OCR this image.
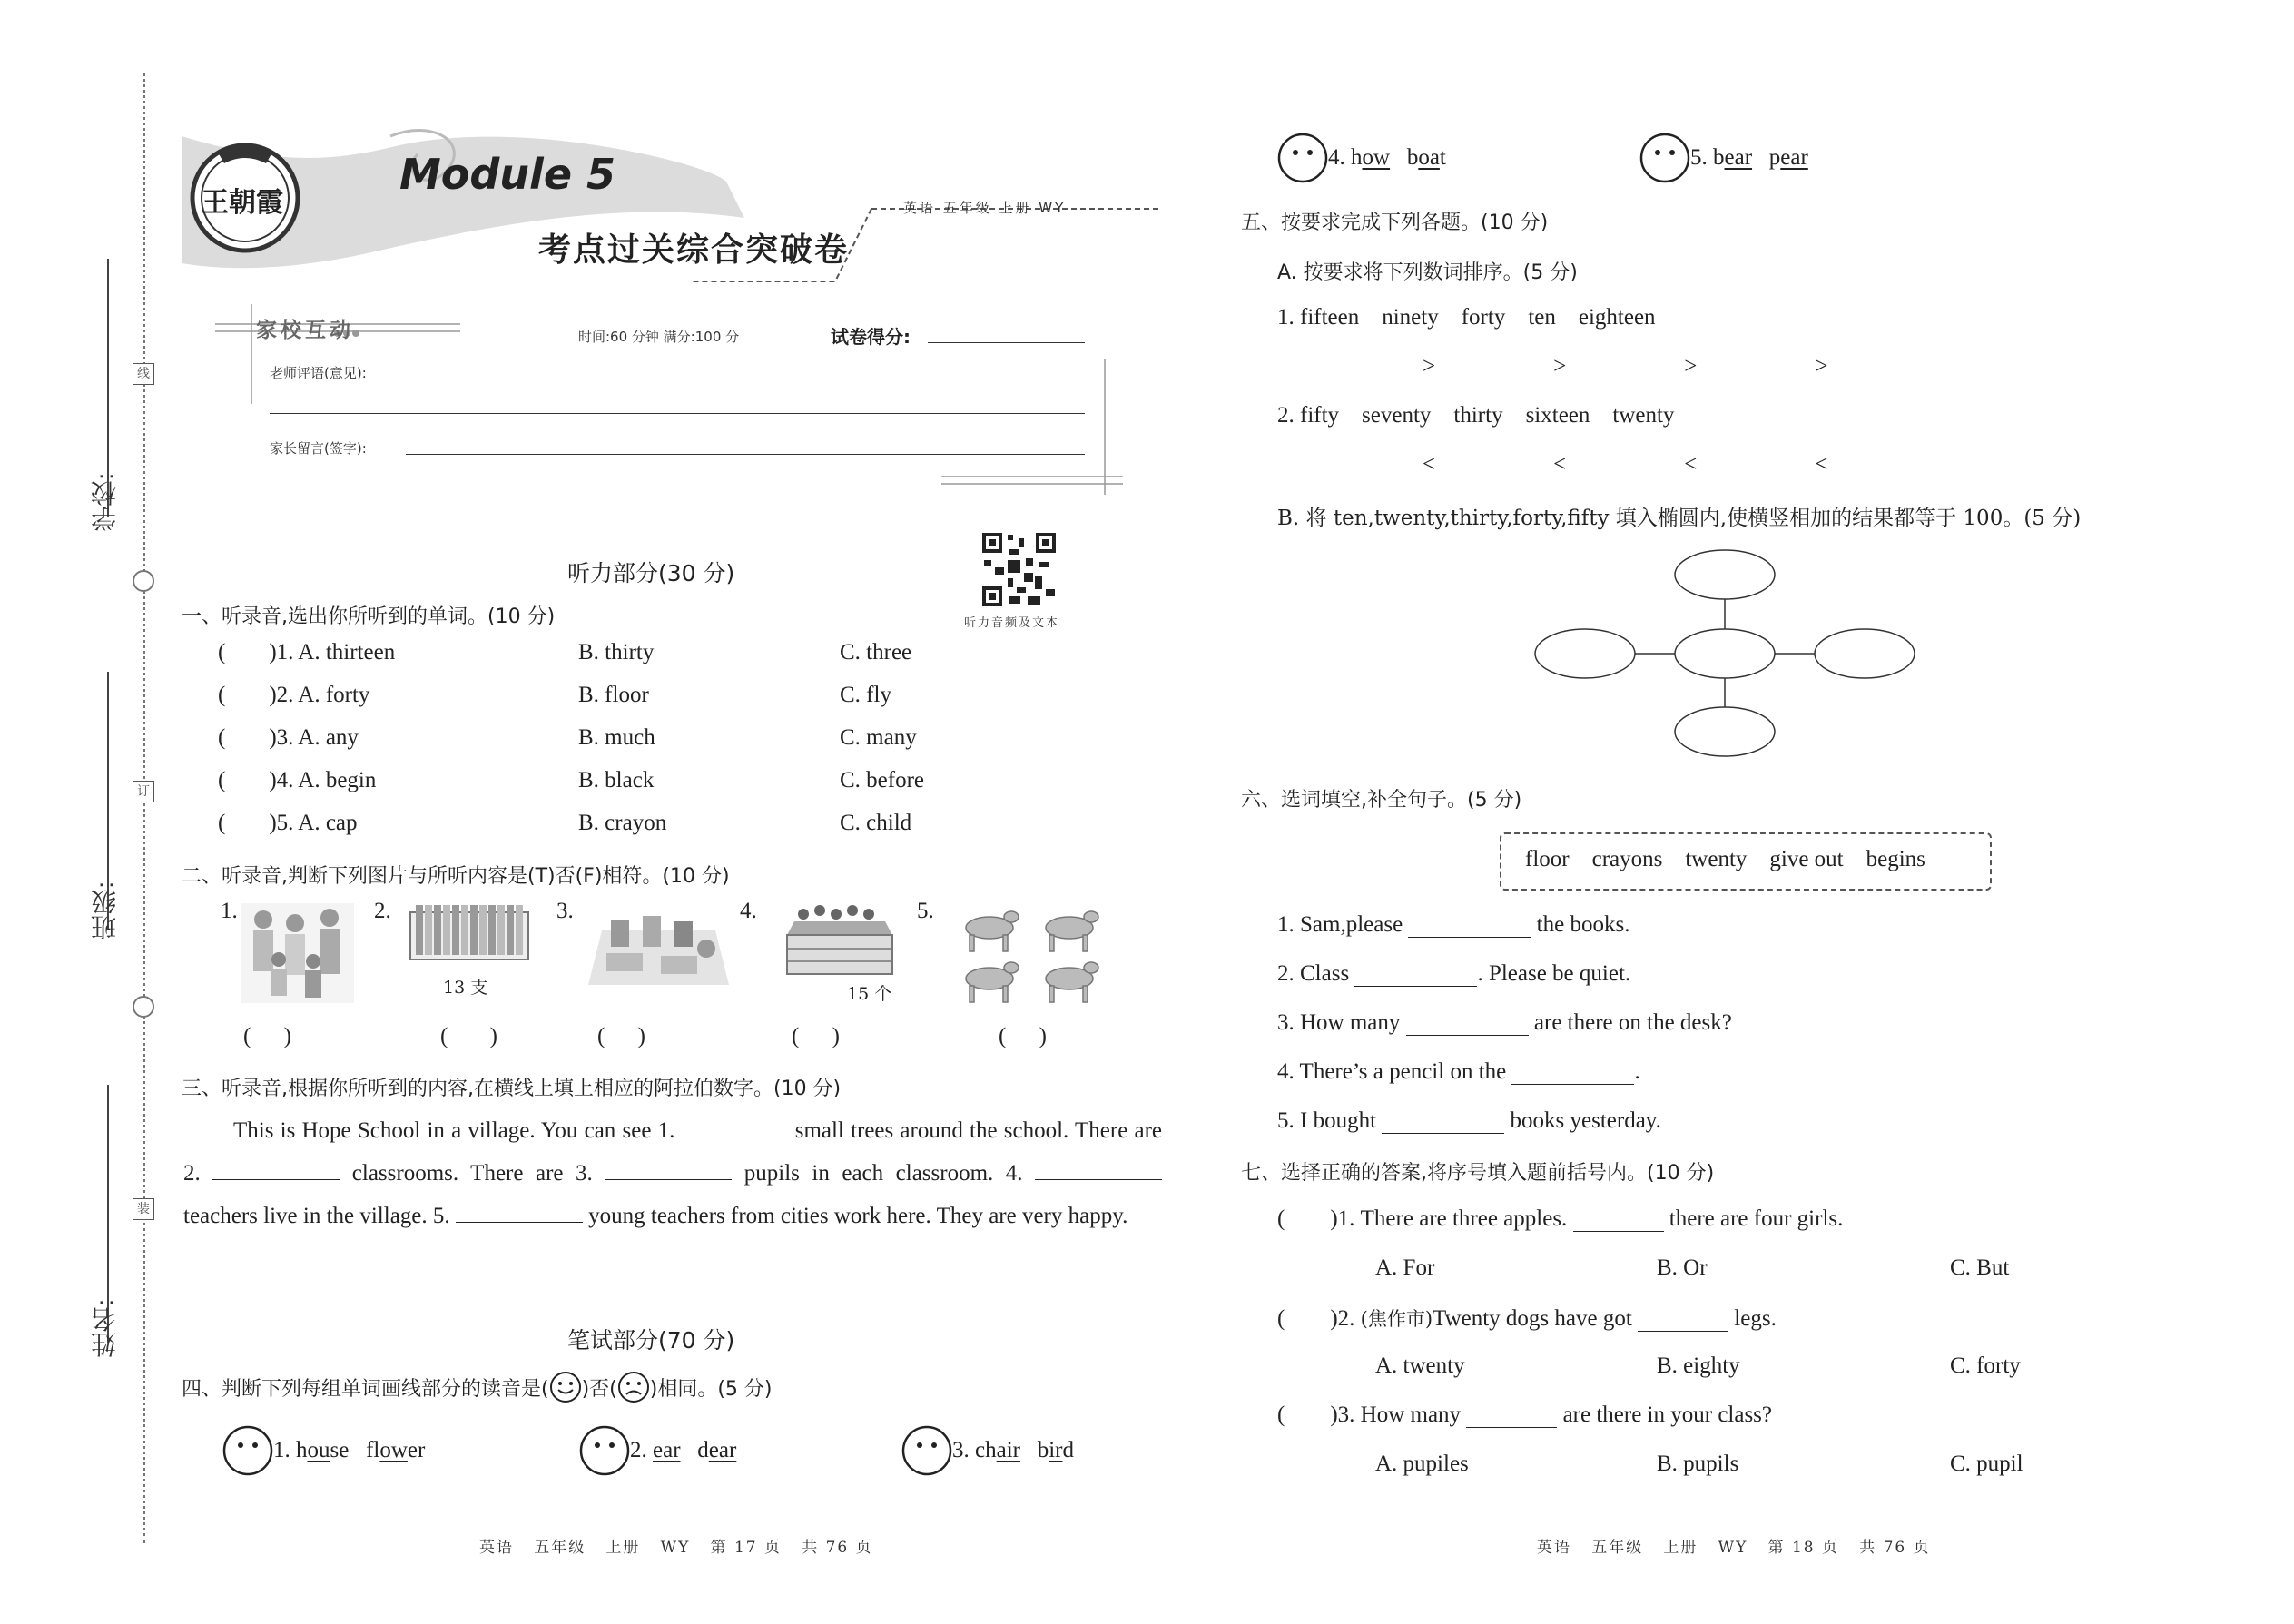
学校:
班级:
姓名:
线
订
装
王朝霞
Module 5
考点过关综合突破卷
英语 五年级 上册 WY
家校互动	时间:60 分钟 满分:100 分	试卷得分:
老师评语(意见):
家长留言(签字):
听力音频及文本
听力部分(30 分)
一、听录音,选出你所听到的单词。(10 分)
( )1. A. thirteen	B. thirty	C. three
( )2. A. forty	B. floor	C. fly
( )3. A. any	B. much	C. many
( )4. A. begin	B. black	C. before
( )5. A. cap	B. crayon	C. child
二、听录音,判断下列图片与所听内容是(T)否(F)相符。(10 分)
1.	2.
13 支
3.	4.
15 个
5.
( )	( )	( )	( )	( )
三、听录音,根据你所听到的内容,在横线上填上相应的阿拉伯数字。(10 分)
This is Hope School in a village. You can see 1.	small trees around the school. There are 2.	classrooms. There are 3.	pupils in each classroom. 4.  teachers live in the village. 5.	young teachers from cities work here. They are very happy.
笔试部分(70 分)
四、判断下列每组单词画线部分的读音是( )否( )相同。(5 分)
1.
house
flower	2.
ear
dear	3.
chair
bird
4.
how
boat	5.
bear
pear
五、按要求完成下列各题。(10 分)
A. 按要求将下列数词排序。(5 分)
1. fifteen    ninety    forty    ten    eighteen
>	>	>	>
2. fifty    seventy    thirty    sixteen    twenty
<	<	<	<
B. 将 ten,twenty,thirty,forty,fifty 填入椭圆内,使横竖相加的结果都等于 100。(5 分)
六、选词填空,补全句子。(5 分)
floor    crayons    twenty    give out    begins
1. Sam,please

	the books.
2. Class
	. Please be quiet.
3. How many

	are there on the desk?
4. There’s a pencil on the
	.
5. I bought

	books yesterday.
七、选择正确的答案,将序号填入题前括号内。(10 分)
( )1.
There are three apples.

	there are four girls.
A. For	B. Or	C. But
( )2.
(焦作市) Twenty dogs have got

	legs.
A. twenty	B. eighty	C. forty
( )3.
How many

	are there in your class?
A. pupiles	B. pupils	C. pupil
英语   五年级   上册   WY   第 17 页   共 76 页	英语   五年级   上册   WY   第 18 页   共 76 页
